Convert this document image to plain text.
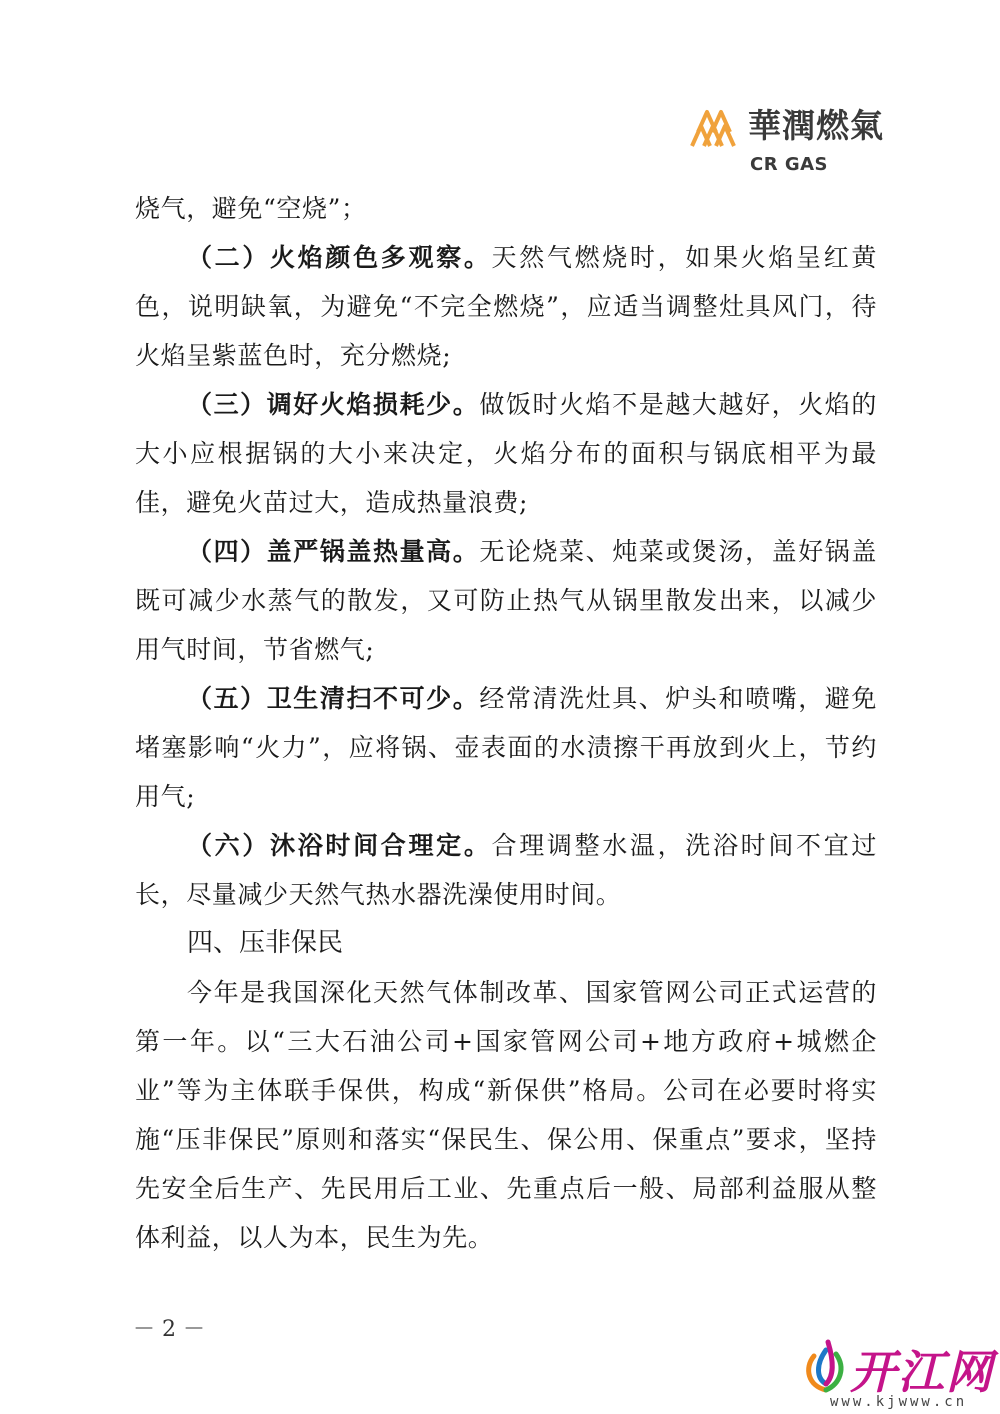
華潤燃氣
CR GAS

烧气，避免“空烧”；

（二）火焰颜色多观察。天然气燃烧时，如果火焰呈红黄色，说明缺氧，为避免“不完全燃烧”，应适当调整灶具风门，待火焰呈紫蓝色时，充分燃烧;

（三）调好火焰损耗少。做饭时火焰不是越大越好，火焰的大小应根据锅的大小来决定，火焰分布的面积与锅底相平为最佳，避免火苗过大，造成热量浪费;

（四）盖严锅盖热量高。无论烧菜、炖菜或煲汤，盖好锅盖既可减少水蒸气的散发，又可防止热气从锅里散发出来，以减少用气时间，节省燃气;

（五）卫生清扫不可少。经常清洗灶具、炉头和喷嘴，避免堵塞影响“火力”，应将锅、壶表面的水渍擦干再放到火上，节约用气;

（六）沐浴时间合理定。合理调整水温，洗浴时间不宜过长，尽量减少天然气热水器洗澡使用时间。

四、压非保民

今年是我国深化天然气体制改革、国家管网公司正式运营的第一年。以“三大石油公司+国家管网公司+地方政府+城燃企业”等为主体联手保供，构成“新保供”格局。公司在必要时将实施“压非保民”原则和落实“保民生、保公用、保重点”要求，坚持先安全后生产、先民用后工业、先重点后一般、局部利益服从整体利益，以人为本，民生为先。

－ 2 －
开江网
www.kjwww.cn
